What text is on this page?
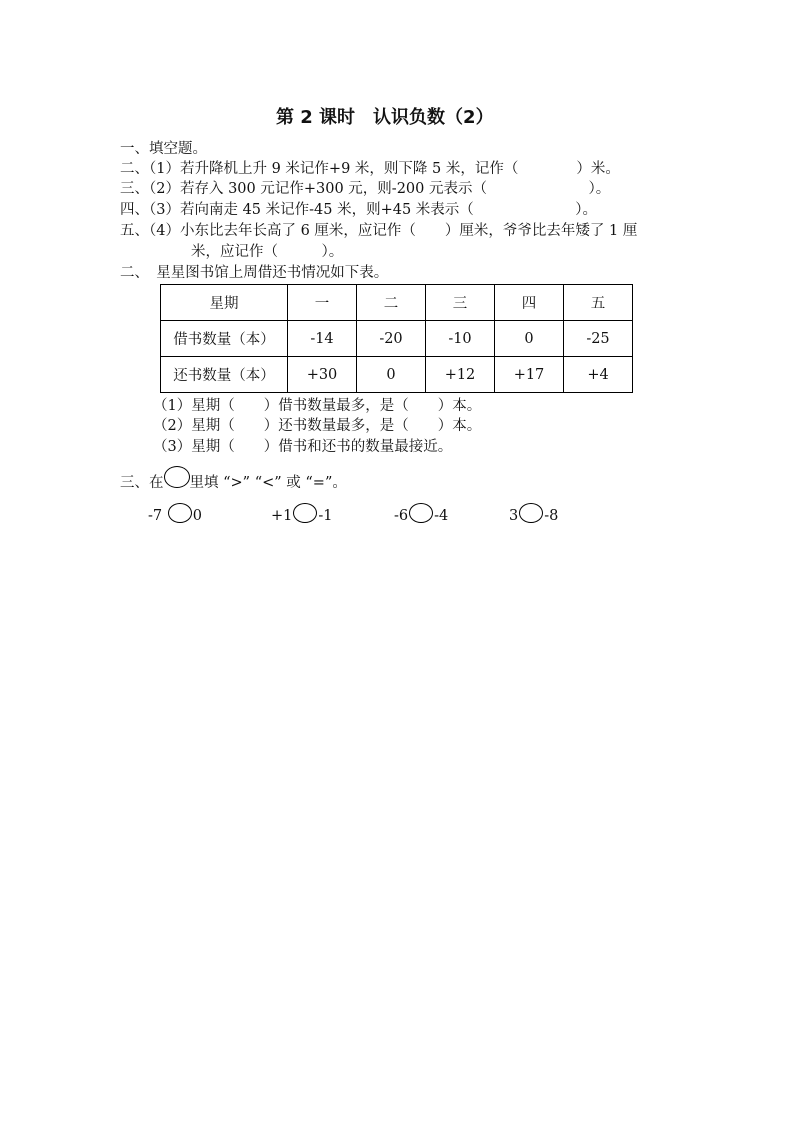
第 2 课时　认识负数（2）
一、填空题。
二、（1）若升降机上升 9 米记作+9 米，则下降 5 米，记作（　　　　）米。
三、（2）若存入 300 元记作+300 元，则-200 元表示（　　　　　　　）。
四、（3）若向南走 45 米记作-45 米，则+45 米表示（　　　　　　　）。
五、（4）小东比去年长高了 6 厘米，应记作（　　）厘米，爷爷比去年矮了 1 厘
米，应记作（　　　）。
二、　星星图书馆上周借还书情况如下表。
星期	一	二	三	四	五
借书数量（本）	-14	-20	-10	0	-25
还书数量（本）	+30	0	+12	+17	+4
（1）星期（　　）借书数量最多，是（　　）本。
（2）星期（　　）还书数量最多，是（　　）本。
（3）星期（　　）借书和还书的数量最接近。
三、在 里填 “>” “<” 或 “=”。
-7 0	+1 -1	-6 -4	3 -8
